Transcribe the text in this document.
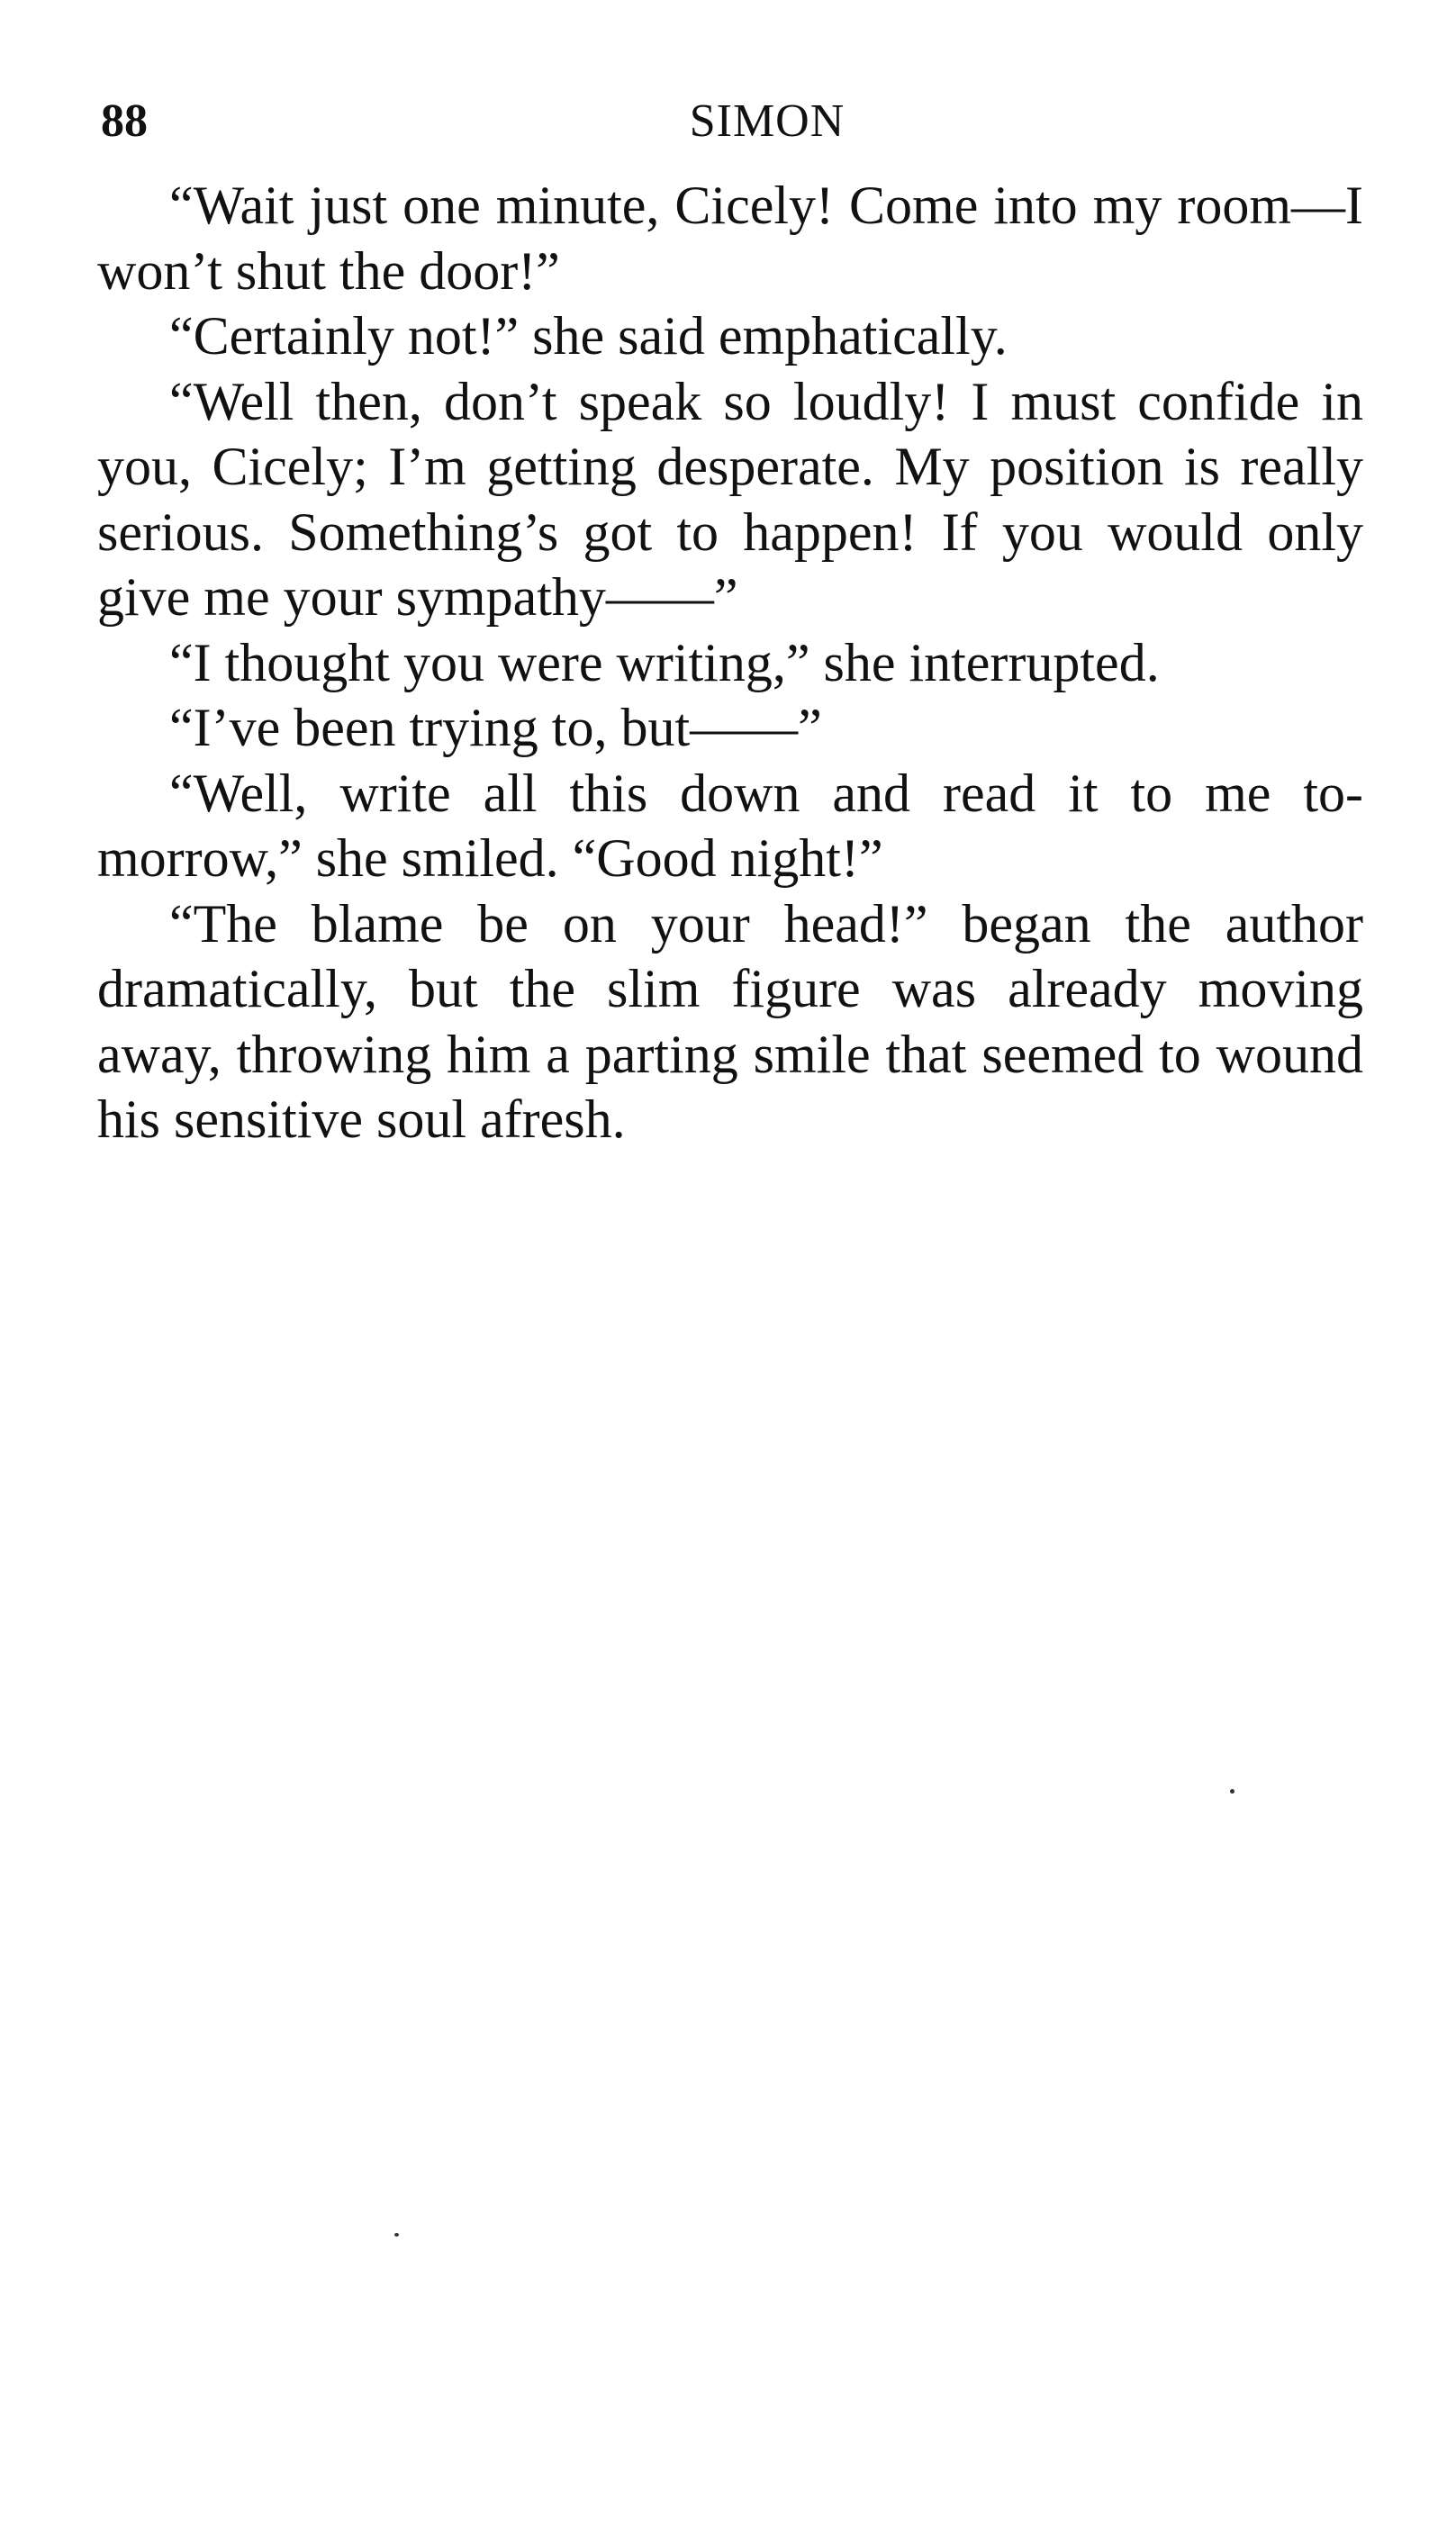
88	SIMON

“Wait just one minute, Cicely! Come into my room—I won’t shut the door!”

“Certainly not!” she said emphatically.

“Well then, don’t speak so loudly! I must confide in you, Cicely; I’m getting desperate. My position is really serious. Something’s got to happen! If you would only give me your sympathy——”

“I thought you were writing,” she interrupted.

“I’ve been trying to, but——”

“Well, write all this down and read it to me to-morrow,” she smiled. “Good night!”

“The blame be on your head!” began the author dramatically, but the slim figure was already moving away, throwing him a parting smile that seemed to wound his sensitive soul afresh.
